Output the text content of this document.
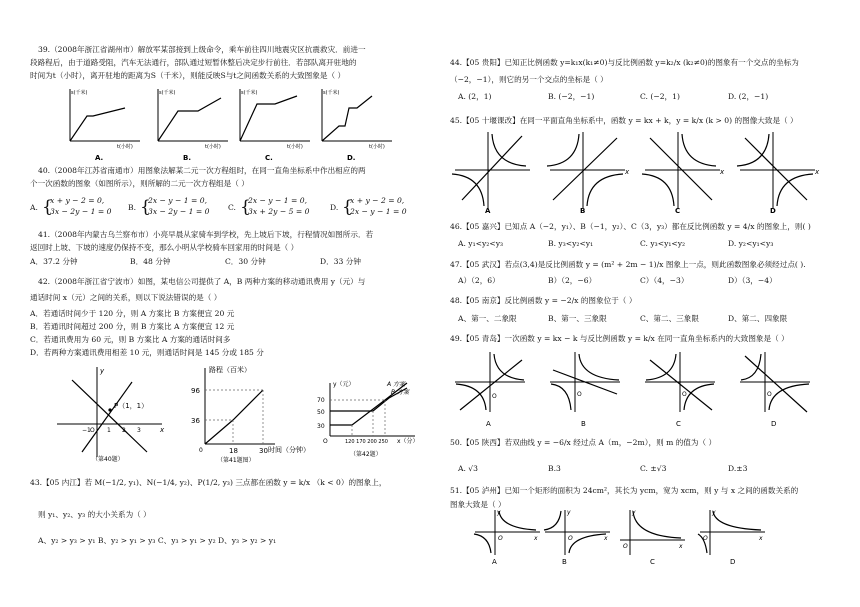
39.（2008年浙江省湖州市）解放军某部接到上级命令，乘车前往四川地震灾区抗震救灾．前进一
段路程后，由于道路受阻，汽车无法通行，部队通过短暂休整后决定步行前往．若部队离开驻地的
时间为t（小时），离开驻地的距离为S（千米），则能反映S与t之间函数关系的大致图象是（ ）
s(千米)
t(小时)
A.
s(千米)
t(小时)
B.
s(千米)
t(小时)
C.
s(千米)
t(小时)
D.
40.（2008年江苏省南通市）用图象法解某二元一次方程组时，在同一直角坐标系中作出相应的两
个一次函数的图象（如图所示），则所解的二元一次方程组是（ ）
A. {
x + y − 2 = 0,
3x − 2y − 1 = 0 B. {
2x − y − 1 = 0,
3x − 2y − 1 = 0 C. {
2x − y − 1 = 0,
3x + 2y − 5 = 0	D. {
x + y − 2 = 0,
2x − y − 1 = 0
41.（2008年内蒙古乌兰察布市）小亮早晨从家骑车到学校，先上坡后下坡，行程情况如图所示．若
返回时上坡、下坡的速度仍保持不变，那么小明从学校骑车回家用的时间是（ ）
A．37.2 分钟	B．48 分钟	C．30 分钟	D．33 分钟
42.（2008年浙江省宁波市）如图，某电信公司提供了 A，B 两种方案的移动通讯费用 y（元）与
通话时间 x（元）之间的关系，则以下说法错误的是（ ）
A．若通话时间少于 120 分，则 A 方案比 B 方案便宜 20 元
B．若通讯时间超过 200 分，则 B 方案比 A 方案便宜 12 元
C．若通讯费用为 60 元，则 B 方案比 A 方案的通话时间多
D．若两种方案通讯费用相差 10 元，则通话时间是 145 分或 185 分
P（1，1）
y
x
O 1 2 3
−1
（第40题）
路程（百米）
96
36
18	30
0	时间（分钟）
（第41题图）
y（元）	A 方案
B 方案
70
50
30
O	120 170 200 250 x（分）
（第42题）
43.【05 内江】若 M(−1/2, y₁)、N(−1/4, y₂)、P(1/2, y₃) 三点都在函数 y = k/x （k < 0）的图象上，
则 y₁、y₂、y₃ 的大小关系为（ ）
A、y₂ > y₃ > y₁ B、y₂ > y₁ > y₃ C、y₃ > y₁ > y₂ D、y₃ > y₂ > y₁
44.【05 贵阳】已知正比例函数 y=k₁x(k₁≠0)与反比例函数 y=k₂/x (k₂≠0)的图象有一个交点的坐标为
（−2，−1），则它的另一个交点的坐标是（ ）
A. (2，1)	B. (−2，−1)	C. (−2，1)	D. (2，−1)
45.【05 十堰课改】在同一平面直角坐标系中，函数 y = kx + k，y = k/x (k > 0) 的图像大致是（ ）
A
x
B
x
C
x
D
46.【05 嘉兴】已知点 A（−2，y₁）、B（−1，y₂）、C（3，y₃）都在反比例函数 y = 4/x 的图象上，则( )
A. y₁<y₂<y₃	B. y₃<y₂<y₁	C. y₃<y₁<y₂	D. y₂<y₁<y₃
47.【05 武汉】若点(3,4)是反比例函数 y = (m² + 2m − 1)/x 图象上一点，则此函数图象必须经过点( ).
A）（2，6）	B）（2，−6）	C）（4，−3）	D）（3，−4）
48.【05 南京】反比例函数 y = −2/x 的图象位于（ ）
A、第一、二象限	B、第一、三象限	C、第二、三象限	D、第二、四象限
49.【05 青岛】一次函数 y = kx − k 与反比例函数 y = k/x 在同一直角坐标系内的大致图象是（ ）
O
A
O
B
O
C
O
D
50.【05 陕西】若双曲线 y = −6/x 经过点 A（m，−2m），则 m 的值为（ ）
A. √3	B.3	C. ±√3	D.±3
51.【05 泸州】已知一个矩形的面积为 24cm²，其长为 ycm，宽为 xcm，则 y 与 x 之间的函数关系的
图象大致是（ ）
O
y
x
A
O
y
x
B
O
y
x
C
O
y
x
D
